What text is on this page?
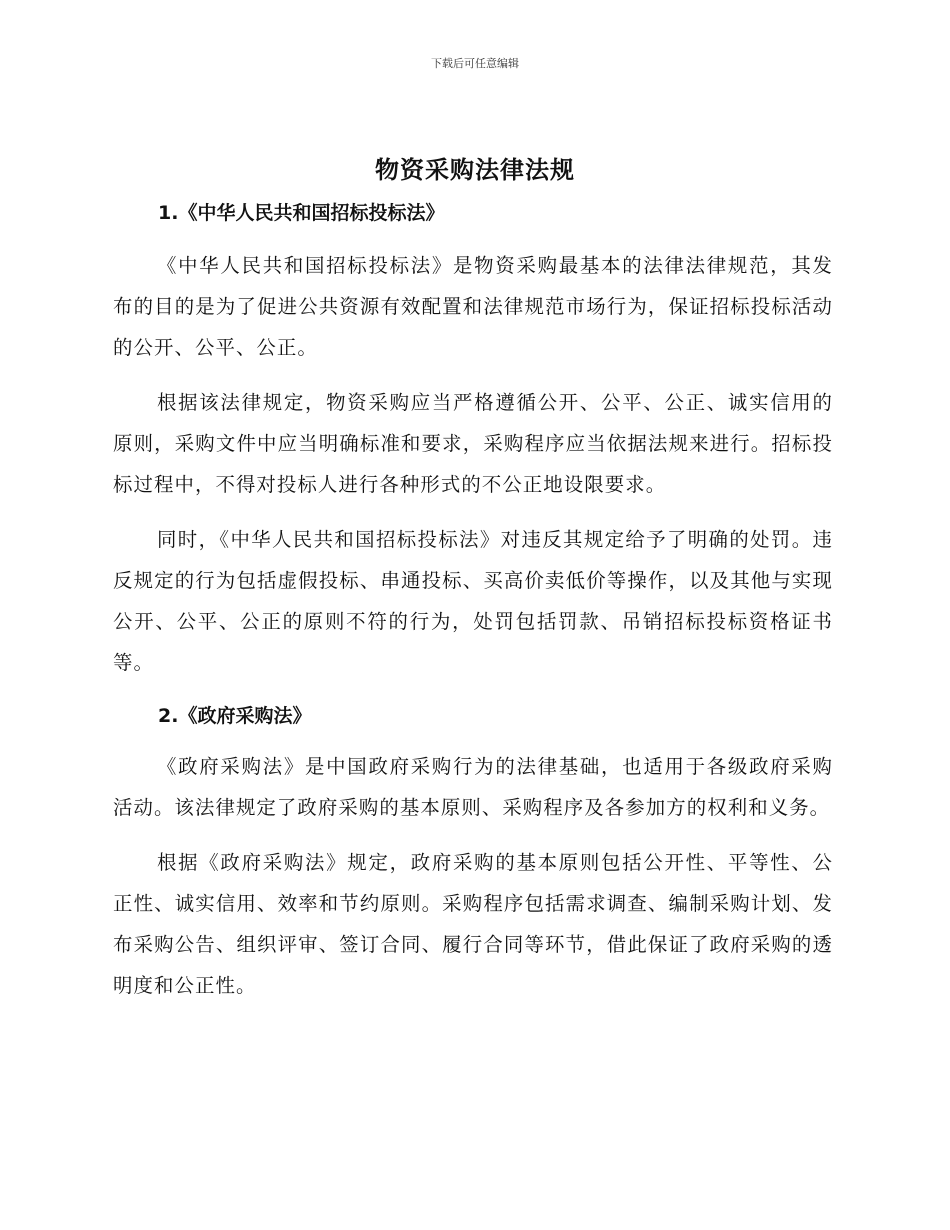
下载后可任意编辑
物资采购法律法规
1.《中华人民共和国招标投标法》

《中华人民共和国招标投标法》是物资采购最基本的法律法律规范，其发布的目的是为了促进公共资源有效配置和法律规范市场行为，保证招标投标活动的公开、公平、公正。

根据该法律规定，物资采购应当严格遵循公开、公平、公正、诚实信用的原则，采购文件中应当明确标准和要求，采购程序应当依据法规来进行。招标投标过程中，不得对投标人进行各种形式的不公正地设限要求。

同时，《中华人民共和国招标投标法》对违反其规定给予了明确的处罚。违反规定的行为包括虚假投标、串通投标、买高价卖低价等操作，以及其他与实现公开、公平、公正的原则不符的行为，处罚包括罚款、吊销招标投标资格证书等。

2.《政府采购法》

《政府采购法》是中国政府采购行为的法律基础，也适用于各级政府采购活动。该法律规定了政府采购的基本原则、采购程序及各参加方的权利和义务。

根据《政府采购法》规定，政府采购的基本原则包括公开性、平等性、公正性、诚实信用、效率和节约原则。采购程序包括需求调查、编制采购计划、发布采购公告、组织评审、签订合同、履行合同等环节，借此保证了政府采购的透明度和公正性。
